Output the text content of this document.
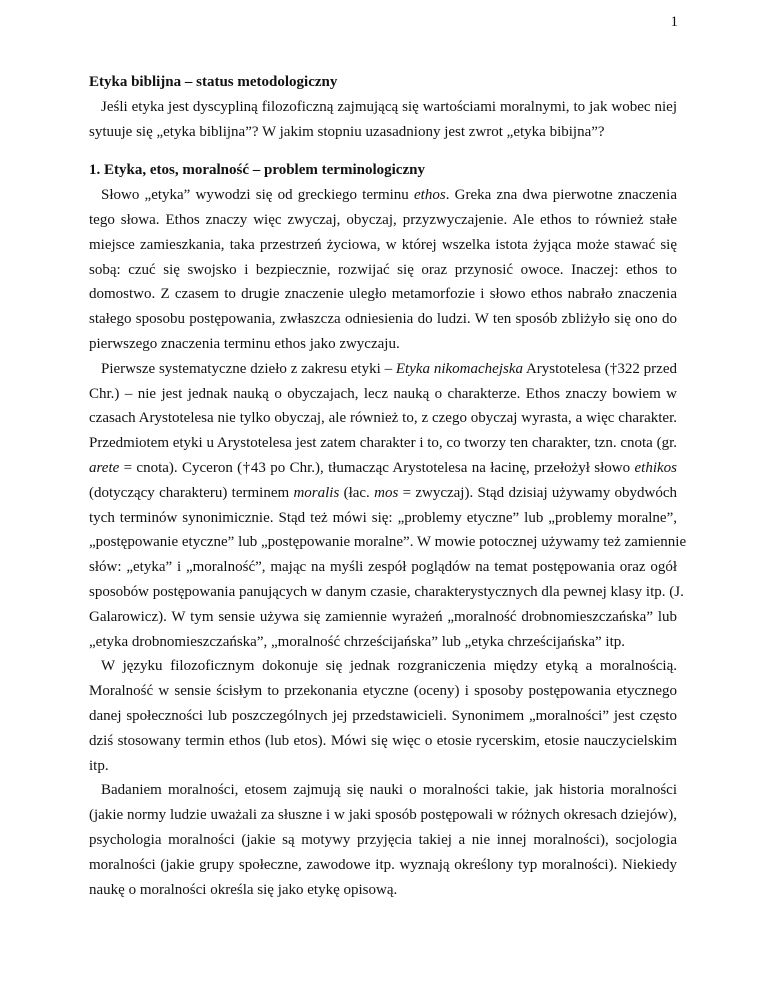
1
Etyka biblijna – status metodologiczny
Jeśli etyka jest dyscypliną filozoficzną zajmującą się wartościami moralnymi, to jak wobec niej
sytuuje się „etyka biblijna”? W jakim stopniu uzasadniony jest zwrot „etyka bibijna”?
1. Etyka, etos, moralność – problem terminologiczny
Słowo „etyka” wywodzi się od greckiego terminu ethos. Greka zna dwa pierwotne znaczenia
tego słowa. Ethos znaczy więc zwyczaj, obyczaj, przyzwyczajenie. Ale ethos to również stałe
miejsce zamieszkania, taka przestrzeń życiowa, w której wszelka istota żyjąca może stawać się
sobą: czuć się swojsko i bezpiecznie, rozwijać się oraz przynosić owoce. Inaczej: ethos to
domostwo. Z czasem to drugie znaczenie uległo metamorfozie i słowo ethos nabrało znaczenia
stałego sposobu postępowania, zwłaszcza odniesienia do ludzi. W ten sposób zbliżyło się ono do
pierwszego znaczenia terminu ethos jako zwyczaju.
Pierwsze systematyczne dzieło z zakresu etyki – Etyka nikomachejska Arystotelesa (†322 przed
Chr.) – nie jest jednak nauką o obyczajach, lecz nauką o charakterze. Ethos znaczy bowiem w
czasach Arystotelesa nie tylko obyczaj, ale również to, z czego obyczaj wyrasta, a więc charakter.
Przedmiotem etyki u Arystotelesa jest zatem charakter i to, co tworzy ten charakter, tzn. cnota (gr.
arete = cnota). Cyceron (†43 po Chr.), tłumacząc Arystotelesa na łacinę, przełożył słowo ethikos
(dotyczący charakteru) terminem moralis (łac. mos = zwyczaj). Stąd dzisiaj używamy obydwóch
tych terminów synonimicznie. Stąd też mówi się: „problemy etyczne” lub „problemy moralne”,
„postępowanie etyczne” lub „postępowanie moralne”. W mowie potocznej używamy też zamiennie
słów: „etyka” i „moralność”, mając na myśli zespół poglądów na temat postępowania oraz ogół
sposobów postępowania panujących w danym czasie, charakterystycznych dla pewnej klasy itp. (J.
Galarowicz). W tym sensie używa się zamiennie wyrażeń „moralność drobnomieszczańska” lub
„etyka drobnomieszczańska”, „moralność chrześcijańska” lub „etyka chrześcijańska” itp.
W języku filozoficznym dokonuje się jednak rozgraniczenia między etyką a moralnością.
Moralność w sensie ścisłym to przekonania etyczne (oceny) i sposoby postępowania etycznego
danej społeczności lub poszczególnych jej przedstawicieli. Synonimem „moralności” jest często
dziś stosowany termin ethos (lub etos). Mówi się więc o etosie rycerskim, etosie nauczycielskim
itp.
Badaniem moralności, etosem zajmują się nauki o moralności takie, jak historia moralności
(jakie normy ludzie uważali za słuszne i w jaki sposób postępowali w różnych okresach dziejów),
psychologia moralności (jakie są motywy przyjęcia takiej a nie innej moralności), socjologia
moralności (jakie grupy społeczne, zawodowe itp. wyznają określony typ moralności). Niekiedy
naukę o moralności określa się jako etykę opisową.
